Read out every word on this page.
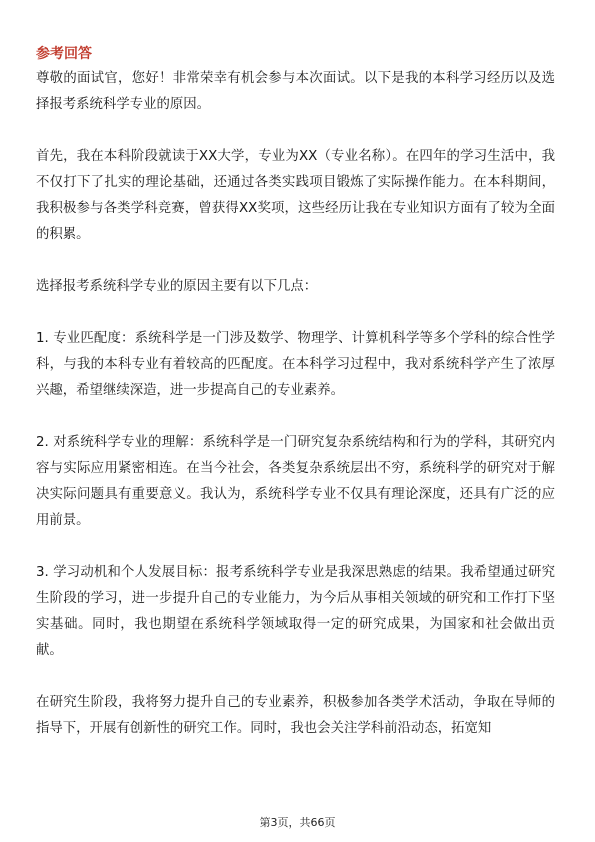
参考回答

尊敬的面试官，您好！非常荣幸有机会参与本次面试。以下是我的本科学习经历以及选择报考系统科学专业的原因。

首先，我在本科阶段就读于XX大学，专业为XX（专业名称）。在四年的学习生活中，我不仅打下了扎实的理论基础，还通过各类实践项目锻炼了实际操作能力。在本科期间，我积极参与各类学科竞赛，曾获得XX奖项，这些经历让我在专业知识方面有了较为全面的积累。

选择报考系统科学专业的原因主要有以下几点：

1. 专业匹配度：系统科学是一门涉及数学、物理学、计算机科学等多个学科的综合性学科，与我的本科专业有着较高的匹配度。在本科学习过程中，我对系统科学产生了浓厚兴趣，希望继续深造，进一步提高自己的专业素养。

2. 对系统科学专业的理解：系统科学是一门研究复杂系统结构和行为的学科，其研究内容与实际应用紧密相连。在当今社会，各类复杂系统层出不穷，系统科学的研究对于解决实际问题具有重要意义。我认为，系统科学专业不仅具有理论深度，还具有广泛的应用前景。

3. 学习动机和个人发展目标：报考系统科学专业是我深思熟虑的结果。我希望通过研究生阶段的学习，进一步提升自己的专业能力，为今后从事相关领域的研究和工作打下坚实基础。同时，我也期望在系统科学领域取得一定的研究成果，为国家和社会做出贡献。

在研究生阶段，我将努力提升自己的专业素养，积极参加各类学术活动，争取在导师的指导下，开展有创新性的研究工作。同时，我也会关注学科前沿动态，拓宽知

第3页，共66页
